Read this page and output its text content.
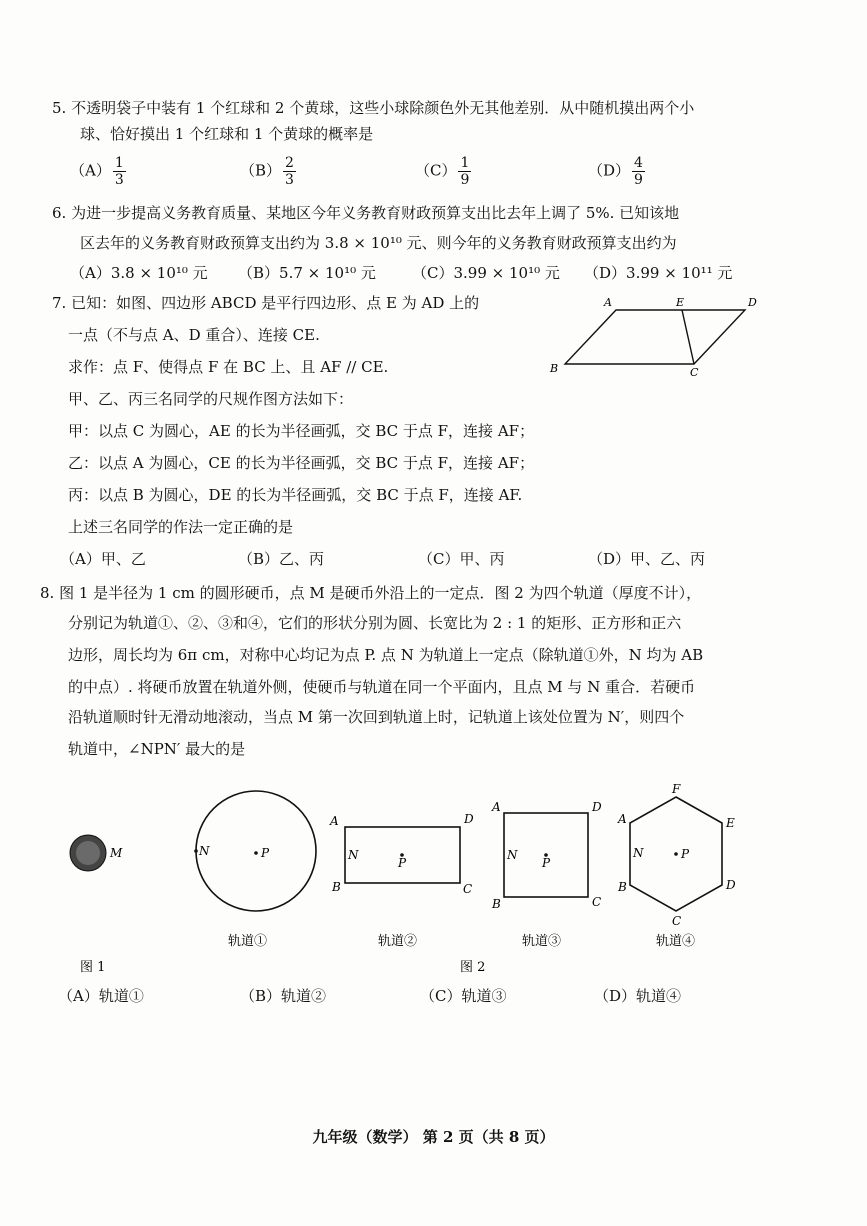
5. 不透明袋子中装有 1 个红球和 2 个黄球，这些小球除颜色外无其他差别．从中随机摸出两个小
球、恰好摸出 1 个红球和 1 个黄球的概率是
$(A) \frac{1}{3}$	$(B) \frac{2}{3}$	$(C) \frac{1}{9}$	$(D) \frac{4}{9}$
6. 为进一步提高义务教育质量、某地区今年义务教育财政预算支出比去年上调了 5%. 已知该地
区去年的义务教育财政预算支出约为 3.8 × 10¹⁰ 元、则今年的义务教育财政预算支出约为
（A）3.8 × 10¹⁰ 元 （B）5.7 × 10¹⁰ 元 （C）3.99 × 10¹⁰ 元 （D）3.99 × 10¹¹ 元
7. 已知：如图、四边形 ABCD 是平行四边形、点 E 为 AD 上的
一点（不与点 A、D 重合）、连接 CE.
求作：点 F、使得点 F 在 BC 上、且 AF // CE.
甲、乙、丙三名同学的尺规作图方法如下：
甲：以点 C 为圆心，AE 的长为半径画弧，交 BC 于点 F，连接 AF；
乙：以点 A 为圆心，CE 的长为半径画弧，交 BC 于点 F，连接 AF；
丙：以点 B 为圆心，DE 的长为半径画弧，交 BC 于点 F，连接 AF.
上述三名同学的作法一定正确的是
（A）甲、乙	（B）乙、丙	（C）甲、丙	（D）甲、乙、丙
A	E	D
B	C
8. 图 1 是半径为 1 cm 的圆形硬币，点 M 是硬币外沿上的一定点．图 2 为四个轨道（厚度不计），
分别记为轨道①、②、③和④，它们的形状分别为圆、长宽比为 2 : 1 的矩形、正方形和正六
边形，周长均为 6π cm，对称中心均记为点 P. 点 N 为轨道上一定点（除轨道①外，N 均为 AB
的中点）. 将硬币放置在轨道外侧，使硬币与轨道在同一个平面内，且点 M 与 N 重合．若硬币
沿轨道顺时针无滑动地滚动，当点 M 第一次回到轨道上时，记轨道上该处位置为 N′，则四个
轨道中，∠NPN′ 最大的是
M	P
N
A	D
B	C
N
P
A	D
B	C
N
P
F
E
D
C
B
A
N	P
轨道①	轨道②	轨道③	轨道④
图 1	图 2
（A）轨道①	（B）轨道②	（C）轨道③	（D）轨道④
九年级（数学） 第 2 页（共 8 页）
